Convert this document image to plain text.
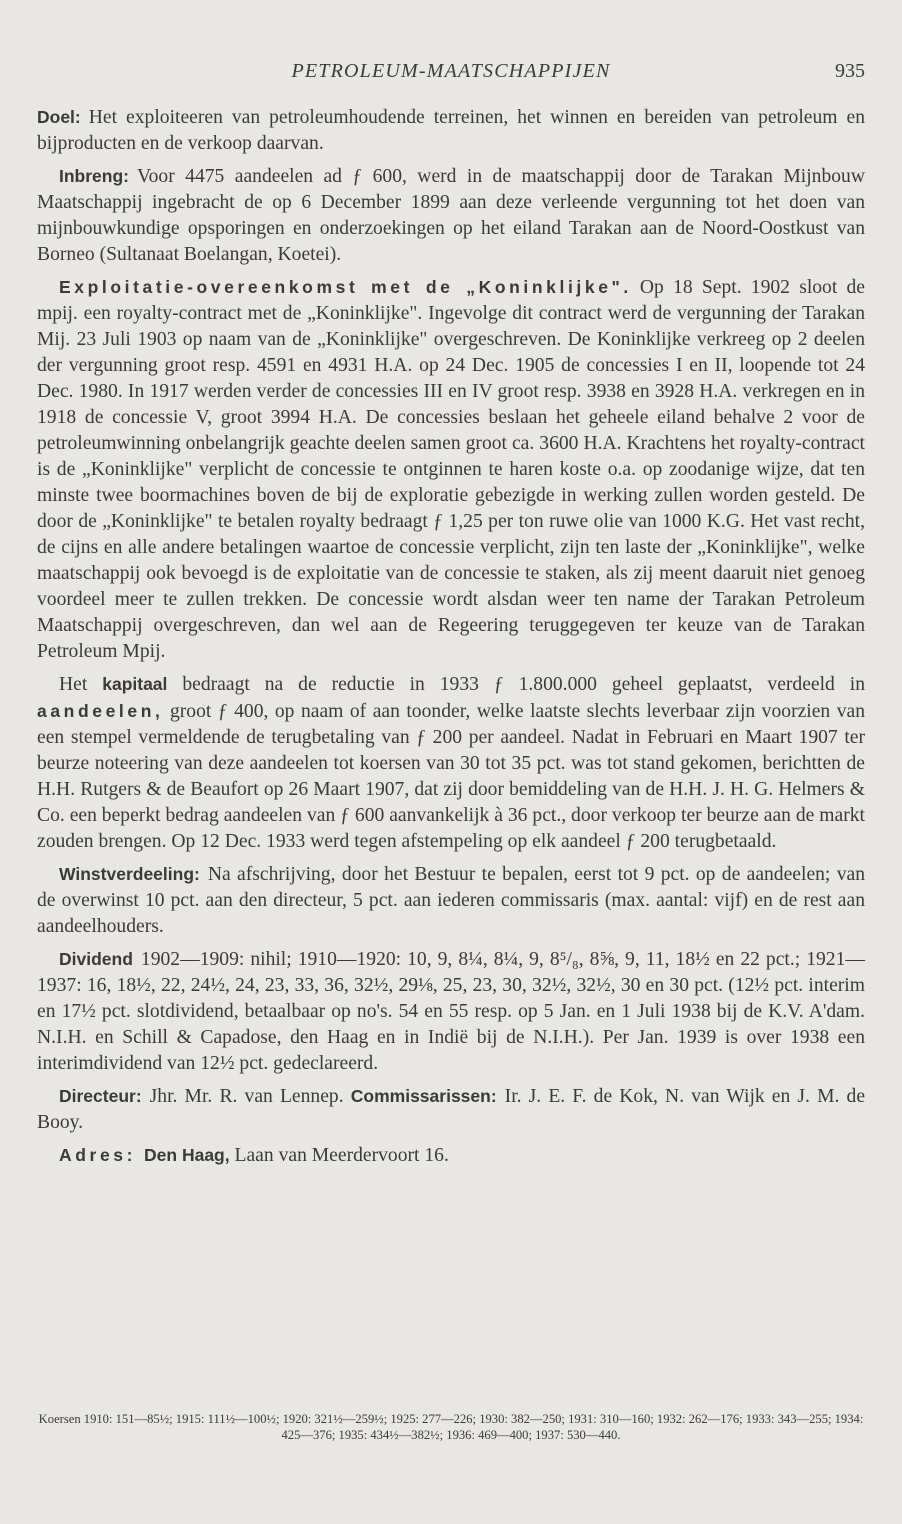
PETROLEUM-MAATSCHAPPIJEN	935

Doel: Het exploiteeren van petroleumhoudende terreinen, het winnen en bereiden van petroleum en bijproducten en de verkoop daarvan.

Inbreng: Voor 4475 aandeelen ad ƒ 600, werd in de maatschappij door de Tarakan Mijnbouw Maatschappij ingebracht de op 6 December 1899 aan deze verleende vergunning tot het doen van mijnbouwkundige opsporingen en onderzoekingen op het eiland Tarakan aan de Noord-Oostkust van Borneo (Sultanaat Boelangan, Koetei).

Exploitatie-overeenkomst met de „Koninklijke". Op 18 Sept. 1902 sloot de mpij. een royalty-contract met de „Koninklijke". Ingevolge dit contract werd de vergunning der Tarakan Mij. 23 Juli 1903 op naam van de „Koninklijke" overgeschreven. De Koninklijke verkreeg op 2 deelen der vergunning groot resp. 4591 en 4931 H.A. op 24 Dec. 1905 de concessies I en II, loopende tot 24 Dec. 1980. In 1917 werden verder de concessies III en IV groot resp. 3938 en 3928 H.A. verkregen en in 1918 de concessie V, groot 3994 H.A. De concessies beslaan het geheele eiland behalve 2 voor de petroleumwinning onbelangrijk geachte deelen samen groot ca. 3600 H.A. Krachtens het royalty-contract is de „Koninklijke" verplicht de concessie te ontginnen te haren koste o.a. op zoodanige wijze, dat ten minste twee boormachines boven de bij de exploratie gebezigde in werking zullen worden gesteld. De door de „Koninklijke" te betalen royalty bedraagt ƒ 1,25 per ton ruwe olie van 1000 K.G. Het vast recht, de cijns en alle andere betalingen waartoe de concessie verplicht, zijn ten laste der „Koninklijke", welke maatschappij ook bevoegd is de exploitatie van de concessie te staken, als zij meent daaruit niet genoeg voordeel meer te zullen trekken. De concessie wordt alsdan weer ten name der Tarakan Petroleum Maatschappij overgeschreven, dan wel aan de Regeering teruggegeven ter keuze van de Tarakan Petroleum Mpij.

Het kapitaal bedraagt na de reductie in 1933 ƒ 1.800.000 geheel geplaatst, verdeeld in aandeelen, groot ƒ 400, op naam of aan toonder, welke laatste slechts leverbaar zijn voorzien van een stempel vermeldende de terugbetaling van ƒ 200 per aandeel. Nadat in Februari en Maart 1907 ter beurze noteering van deze aandeelen tot koersen van 30 tot 35 pct. was tot stand gekomen, berichtten de H.H. Rutgers & de Beaufort op 26 Maart 1907, dat zij door bemiddeling van de H.H. J. H. G. Helmers & Co. een beperkt bedrag aandeelen van ƒ 600 aanvankelijk à 36 pct., door verkoop ter beurze aan de markt zouden brengen. Op 12 Dec. 1933 werd tegen afstempeling op elk aandeel ƒ 200 terugbetaald.

Winstverdeeling: Na afschrijving, door het Bestuur te bepalen, eerst tot 9 pct. op de aandeelen; van de overwinst 10 pct. aan den directeur, 5 pct. aan iederen commissaris (max. aantal: vijf) en de rest aan aandeelhouders.

Dividend 1902—1909: nihil; 1910—1920: 10, 9, 8¼, 8¼, 9, 8⁵/₈, 8⅝, 9, 11, 18½ en 22 pct.; 1921—1937: 16, 18½, 22, 24½, 24, 23, 33, 36, 32½, 29⅛, 25, 23, 30, 32½, 32½, 30 en 30 pct. (12½ pct. interim en 17½ pct. slotdividend, betaalbaar op no's. 54 en 55 resp. op 5 Jan. en 1 Juli 1938 bij de K.V. A'dam. N.I.H. en Schill & Capadose, den Haag en in Indië bij de N.I.H.). Per Jan. 1939 is over 1938 een interimdividend van 12½ pct. gedeclareerd.

Directeur: Jhr. Mr. R. van Lennep. Commissarissen: Ir. J. E. F. de Kok, N. van Wijk en J. M. de Booy.

Adres: Den Haag, Laan van Meerdervoort 16.

Koersen 1910: 151—85½; 1915: 111½—100½; 1920: 321½—259½; 1925: 277—226; 1930: 382—250; 1931: 310—160; 1932: 262—176; 1933: 343—255; 1934: 425—376; 1935: 434½—382½; 1936: 469—400; 1937: 530—440.
